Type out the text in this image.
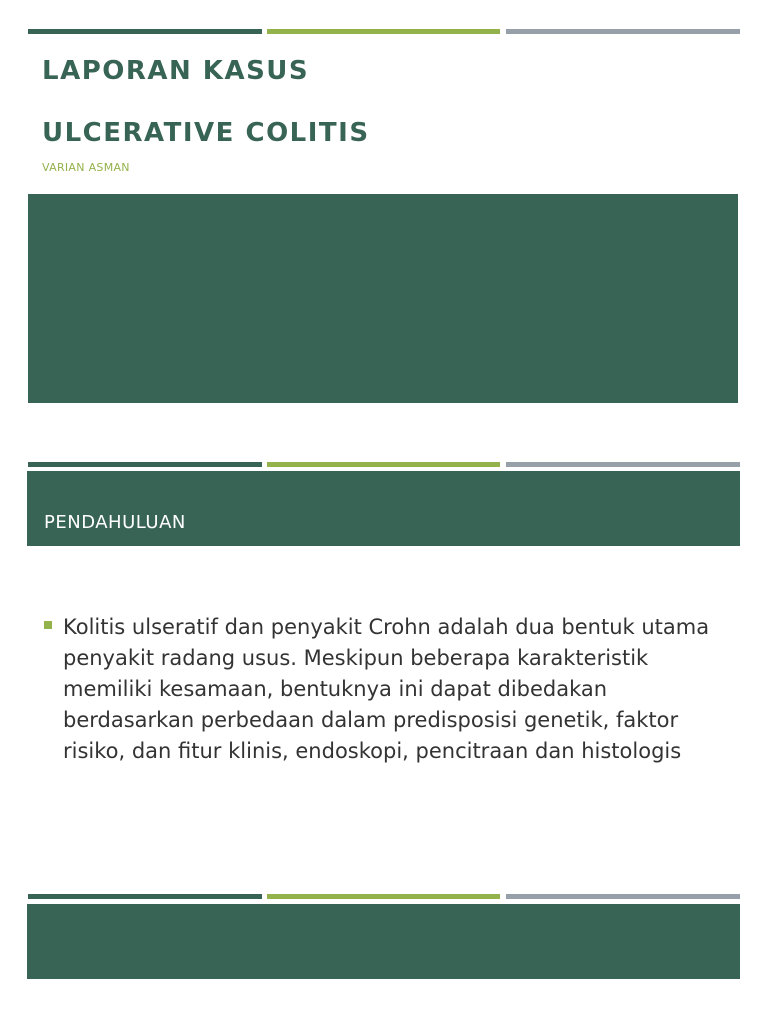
LAPORAN KASUS
ULCERATIVE COLITIS
VARIAN ASMAN
PENDAHULUAN
Kolitis ulseratif dan penyakit Crohn adalah dua bentuk utama penyakit radang usus. Meskipun beberapa karakteristik memiliki kesamaan, bentuknya ini dapat dibedakan berdasarkan perbedaan dalam predisposisi genetik, faktor risiko, dan fitur klinis, endoskopi, pencitraan dan histologis
